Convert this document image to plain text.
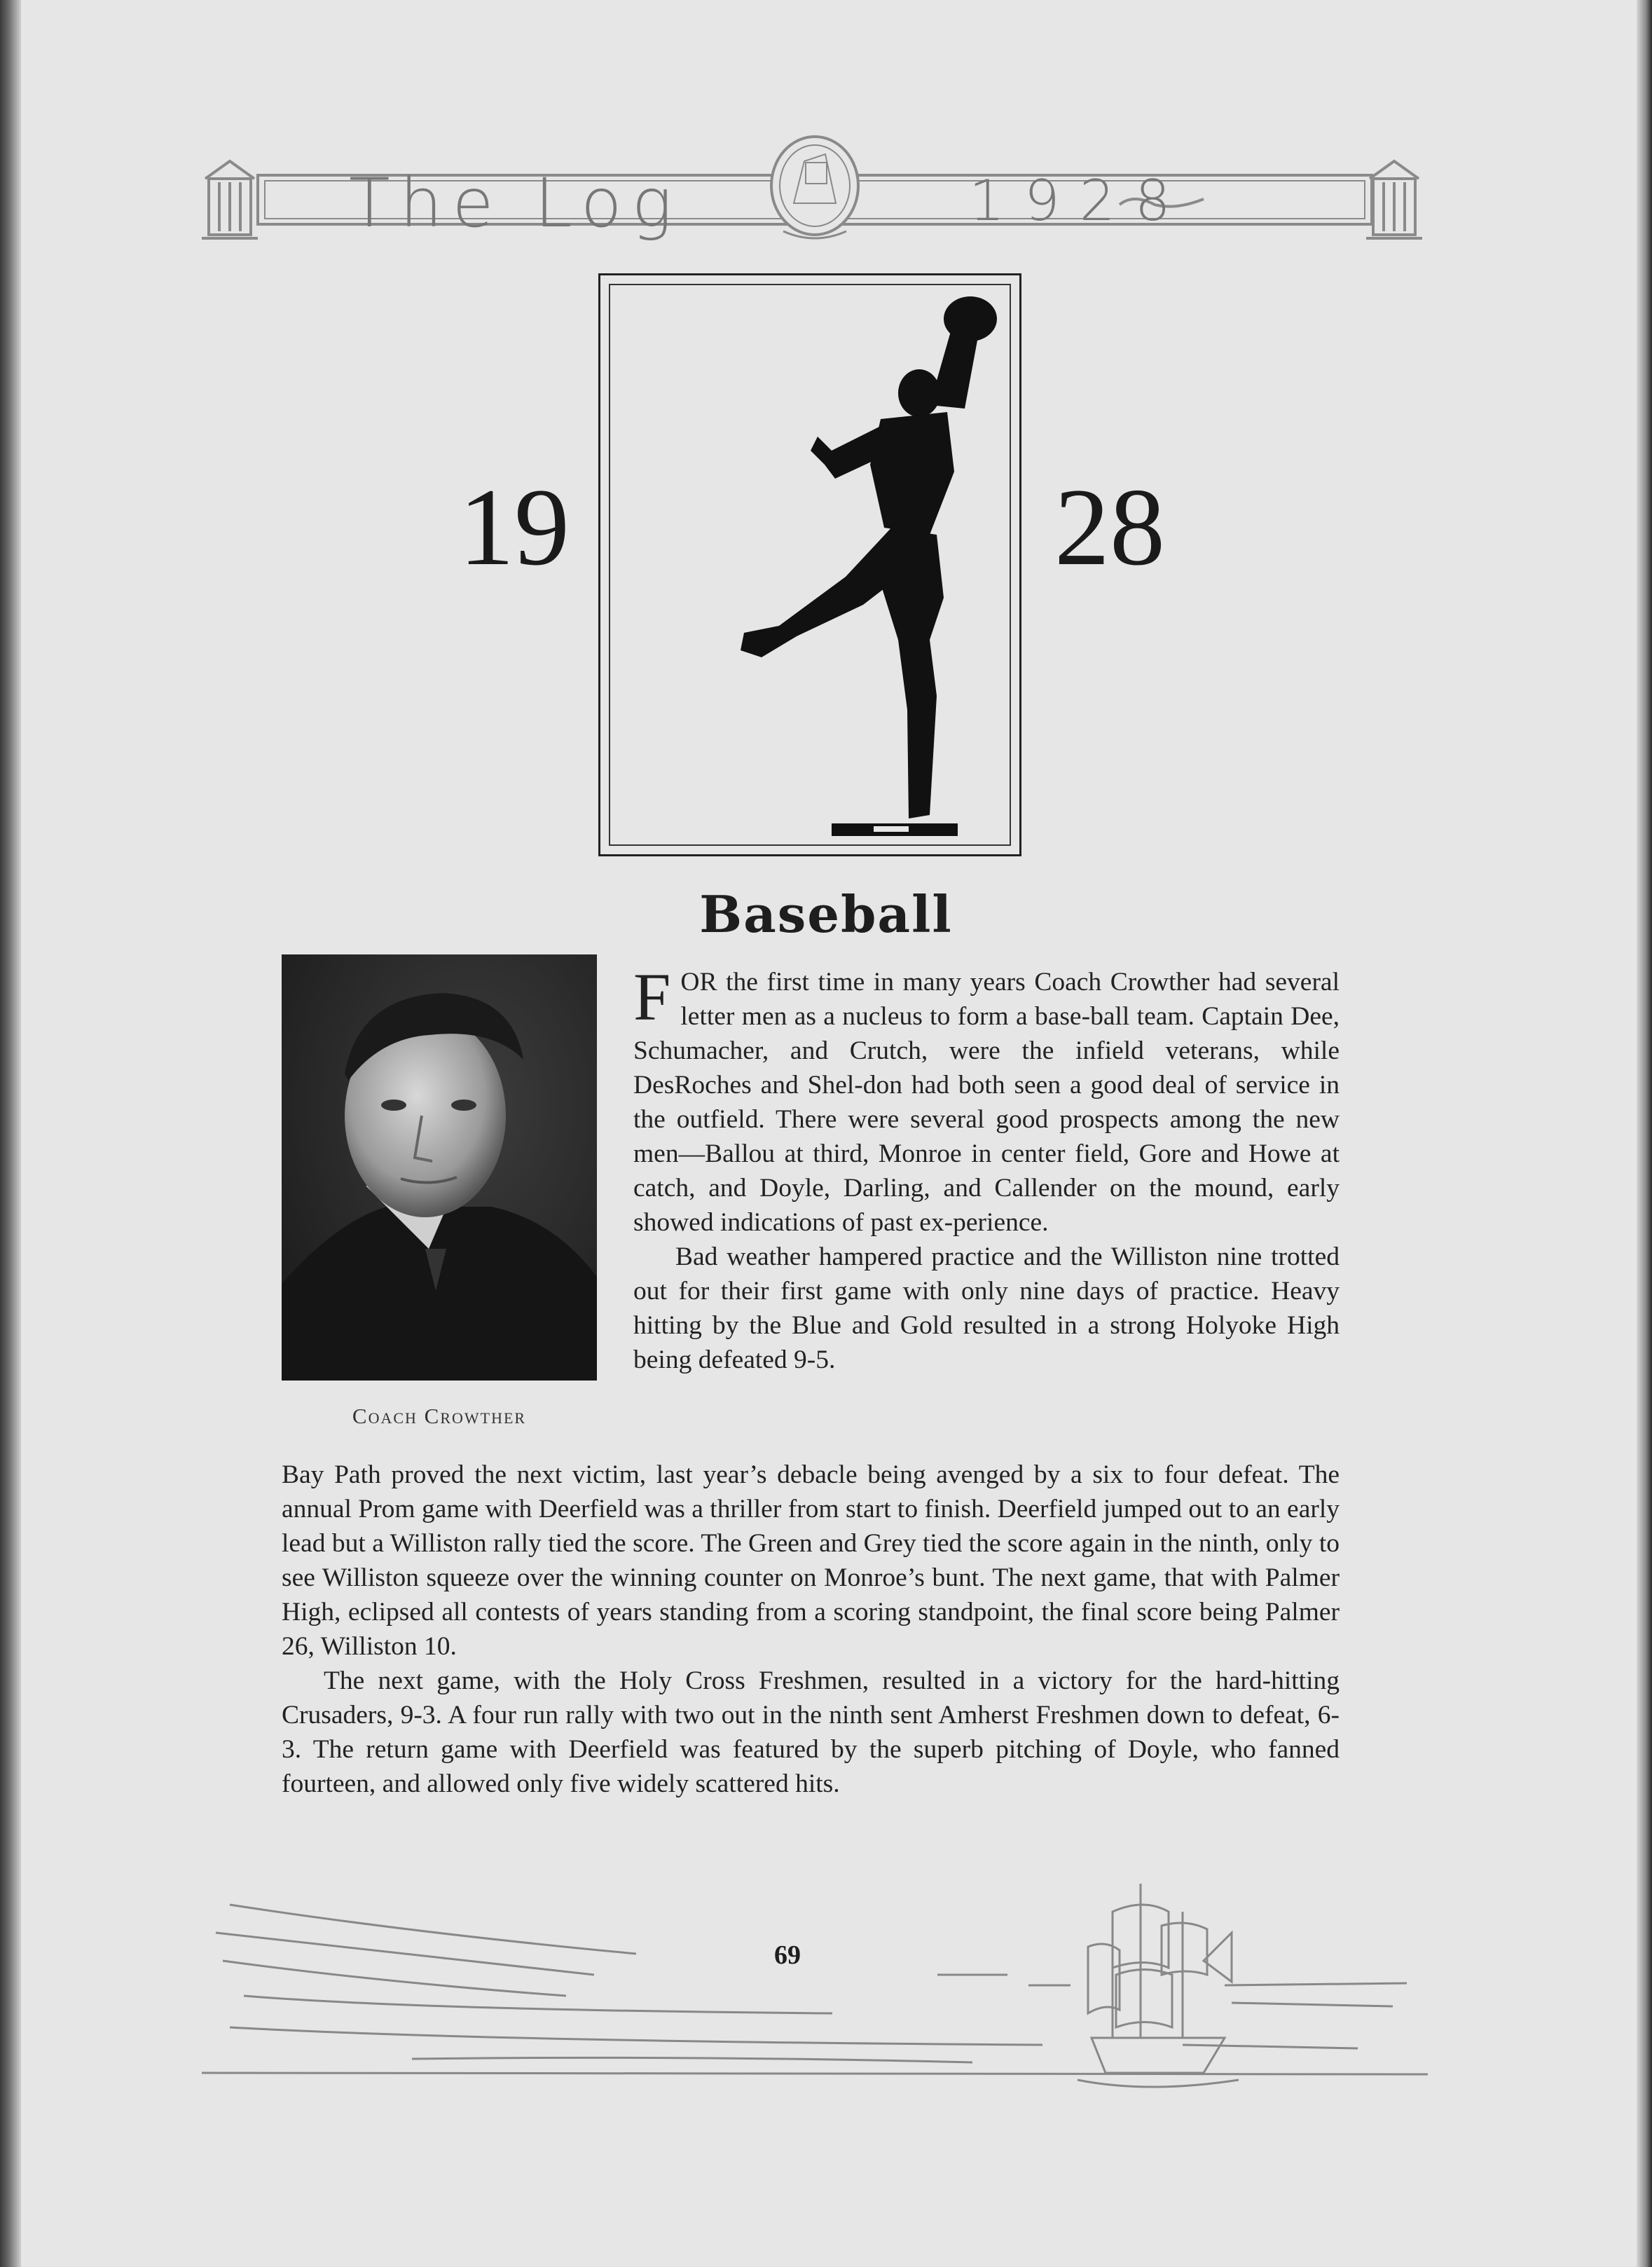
The Log	1928
19	28
Baseball
Coach Crowther

F OR the first time in many years Coach Crowther had several letter men as a nucleus to form a base-ball team. Captain Dee, Schumacher, and Crutch, were the infield veterans, while DesRoches and Shel-don had both seen a good deal of service in the outfield. There were several good prospects among the new men—Ballou at third, Monroe in center field, Gore and Howe at catch, and Doyle, Darling, and Callender on the mound, early showed indications of past ex-perience.

Bad weather hampered practice and the Williston nine trotted out for their first game with only nine days of practice. Heavy hitting by the Blue and Gold resulted in a strong Holyoke High being defeated 9-5.

Bay Path proved the next victim, last year’s debacle being avenged by a six to four defeat. The annual Prom game with Deerfield was a thriller from start to finish. Deerfield jumped out to an early lead but a Williston rally tied the score. The Green and Grey tied the score again in the ninth, only to see Williston squeeze over the winning counter on Monroe’s bunt. The next game, that with Palmer High, eclipsed all contests of years standing from a scoring standpoint, the final score being Palmer 26, Williston 10.

The next game, with the Holy Cross Freshmen, resulted in a victory for the hard-hitting Crusaders, 9-3. A four run rally with two out in the ninth sent Amherst Freshmen down to defeat, 6-3. The return game with Deerfield was featured by the superb pitching of Doyle, who fanned fourteen, and allowed only five widely scattered hits.

69
